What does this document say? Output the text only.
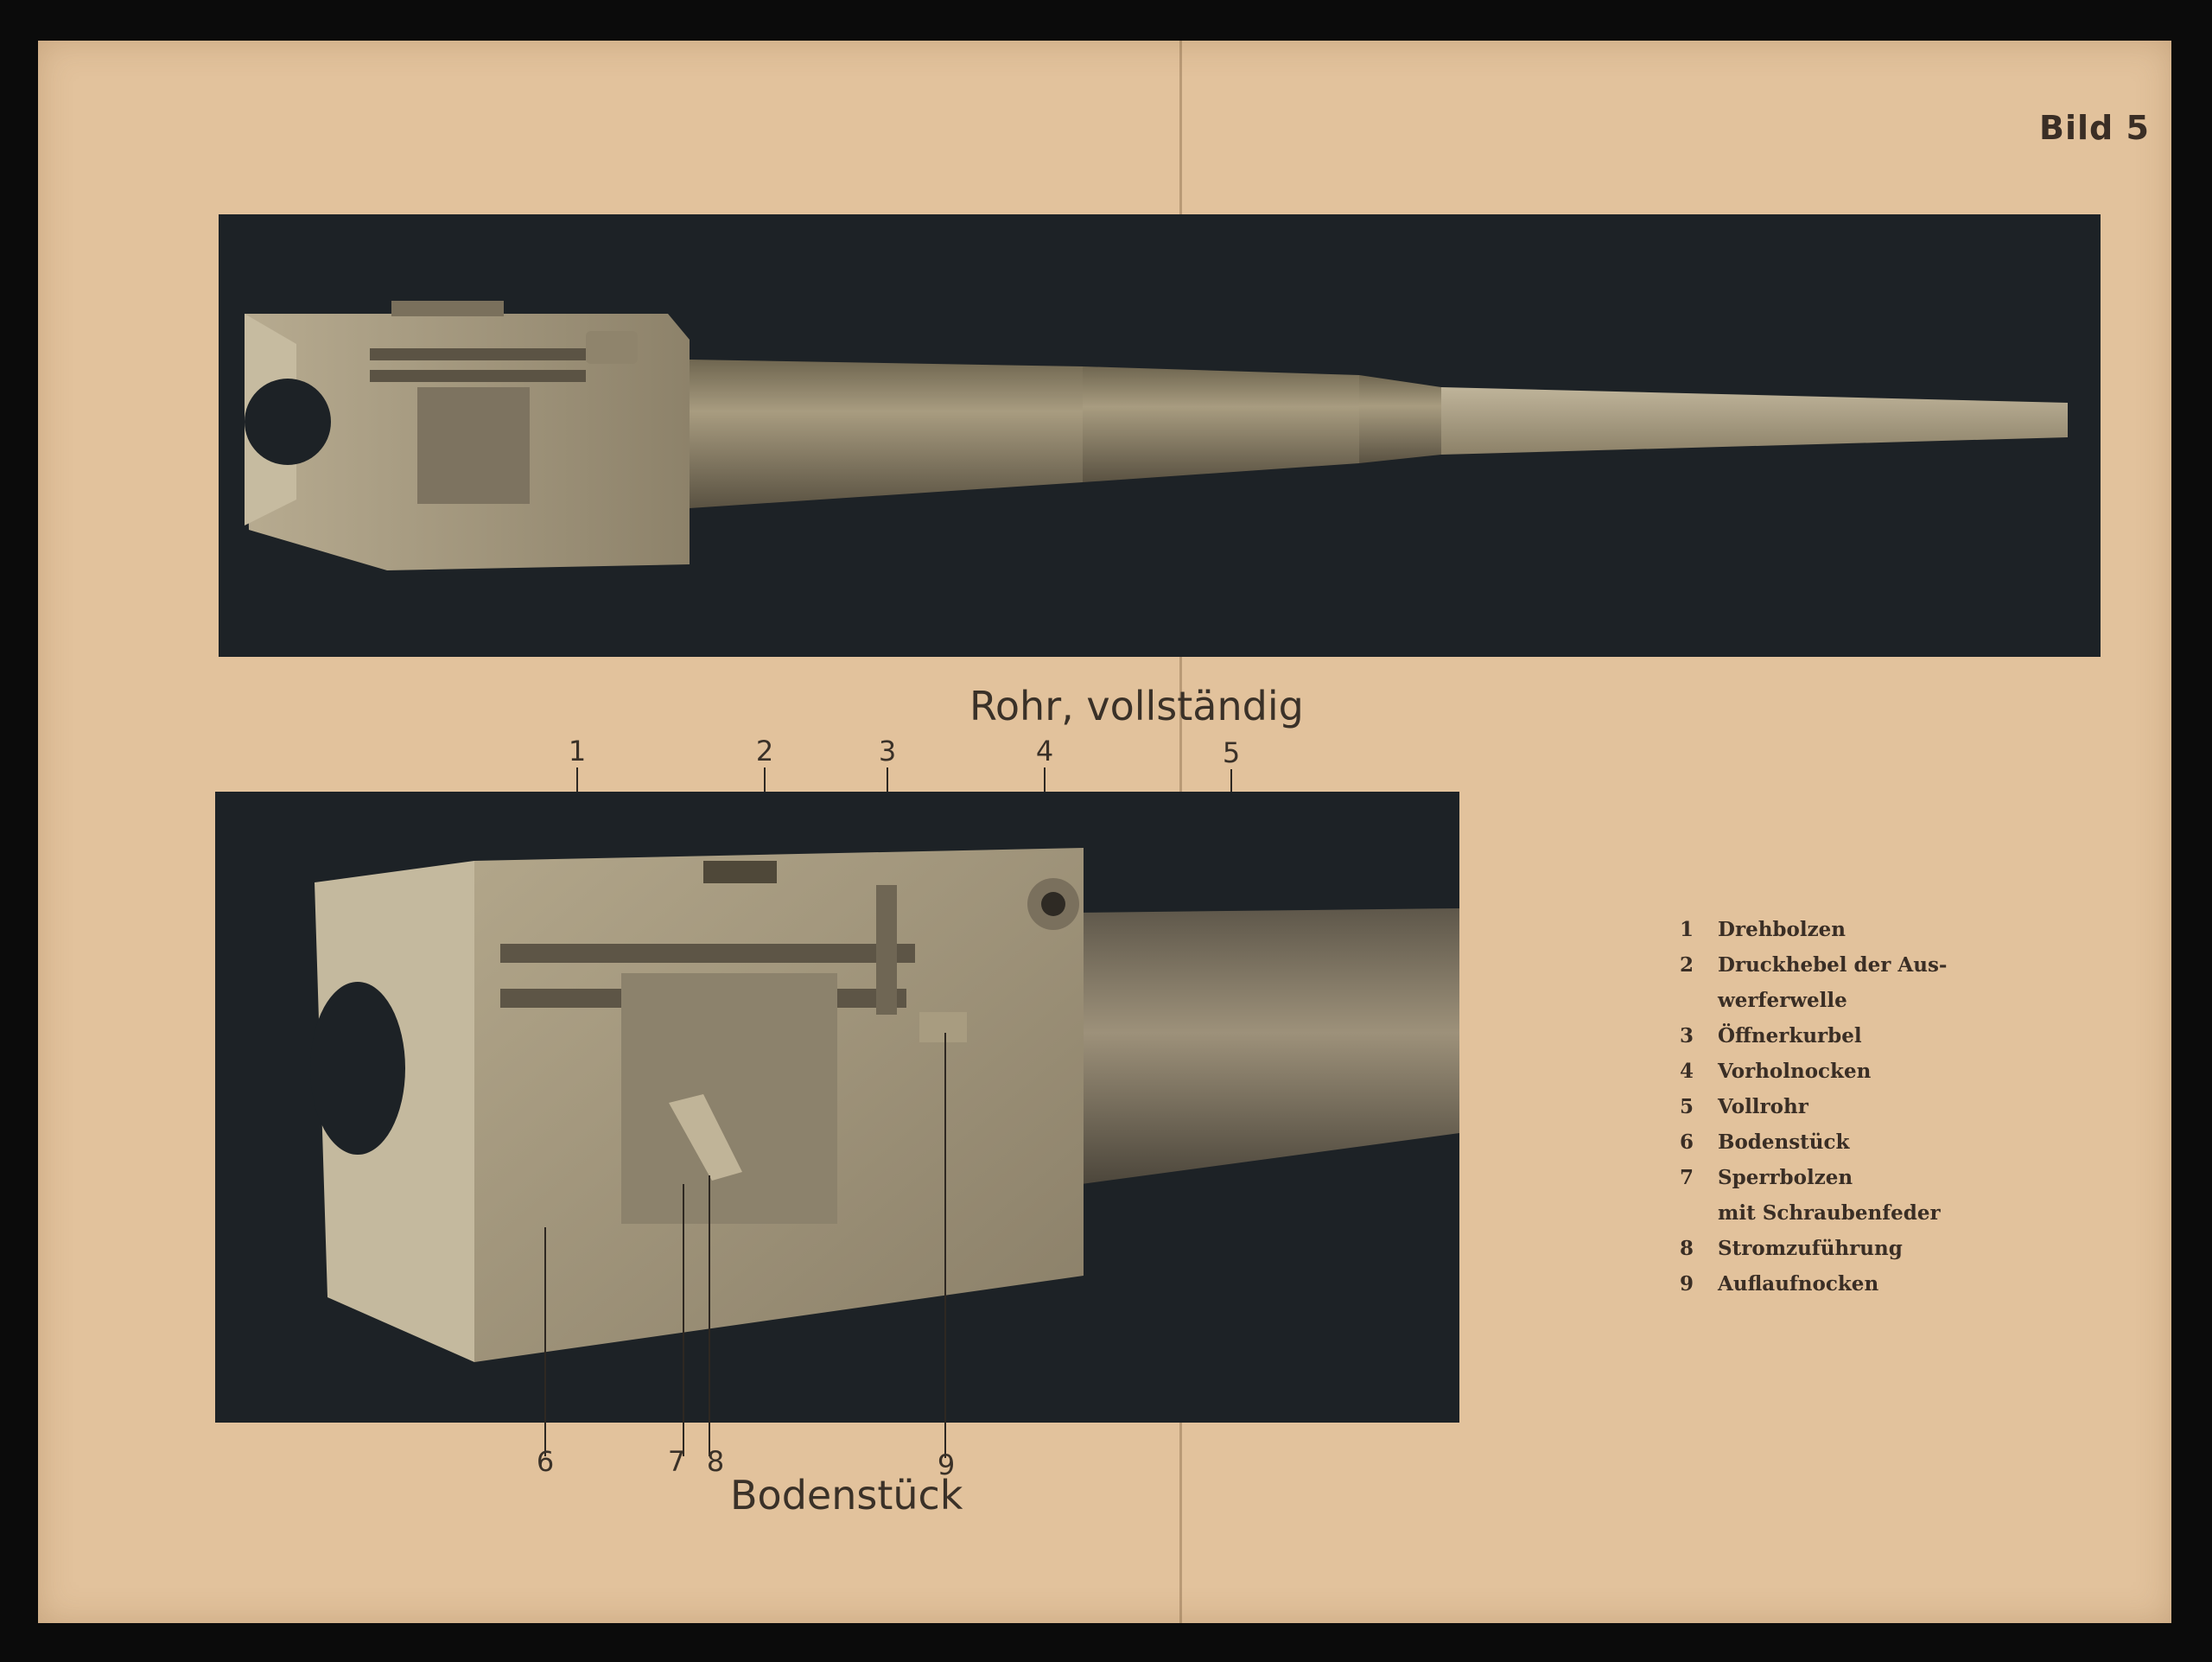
Bild 5
Rohr, vollständig
1	2	3	4	5
6	7 8	9
Bodenstück
1	Drehbolzen
2	Druckhebel der Aus-
werferwelle
3	Öffnerkurbel
4	Vorholnocken
5	Vollrohr
6	Bodenstück
7	Sperrbolzen
mit Schraubenfeder
8	Stromzuführung
9	Auflaufnocken
